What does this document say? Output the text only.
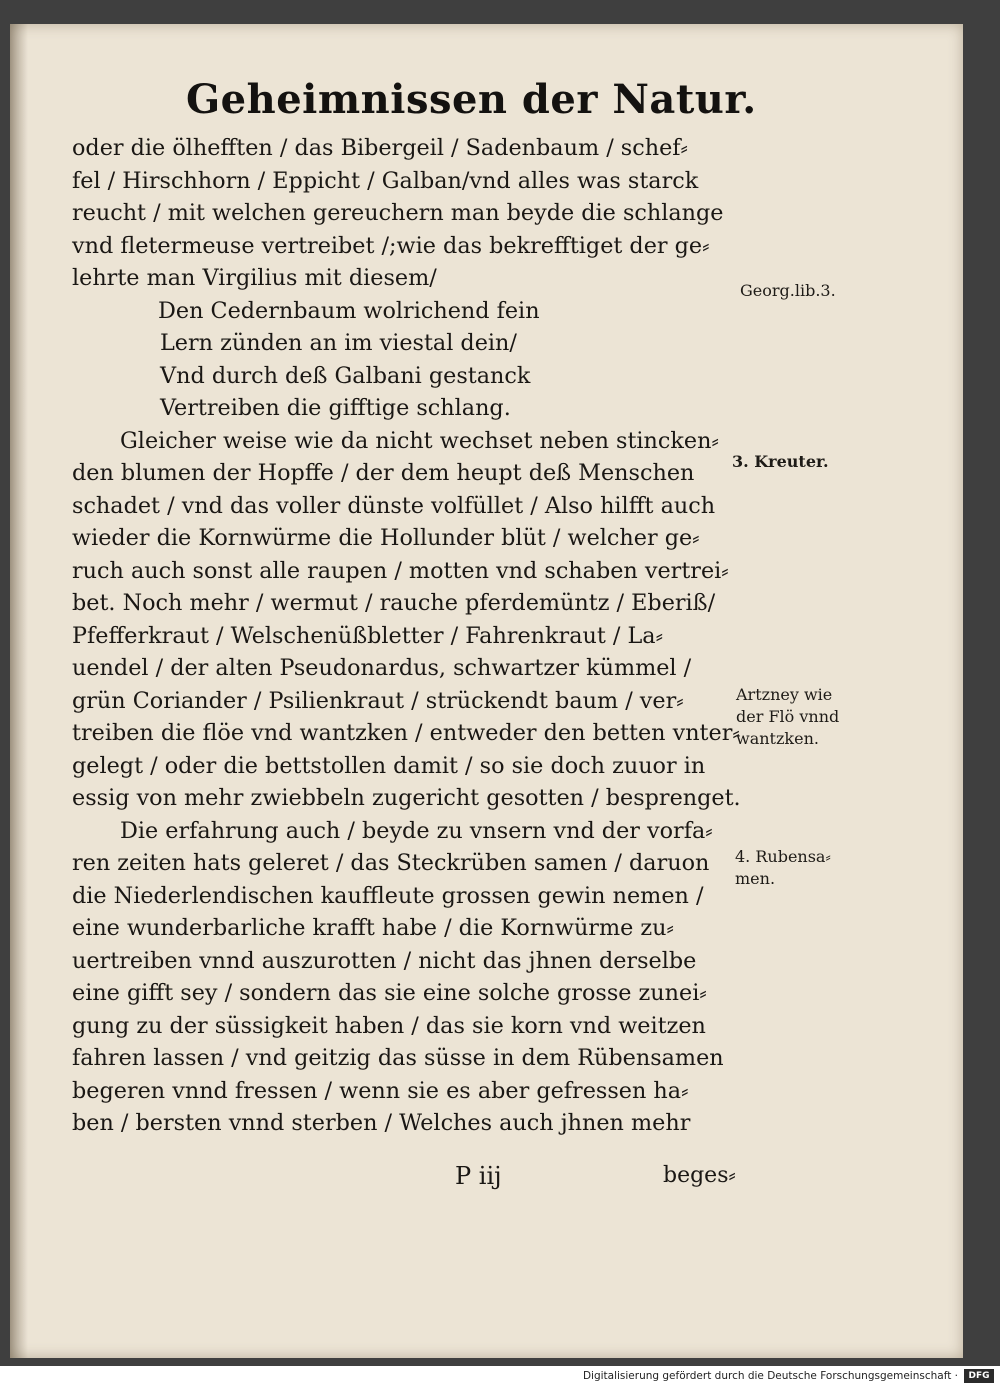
Geheimnissen der Natur.
oder die ölhefften / das Bibergeil / Sadenbaum / schef⸗
fel / Hirschhorn / Eppicht / Galban/vnd alles was starck
reucht / mit welchen gereuchern man beyde die schlange
vnd fletermeuse vertreibet /;wie das bekrefftiget der ge⸗
lehrte man Virgilius mit diesem/
Den Cedernbaum wolrichend fein
Lern zünden an im viestal dein/
Vnd durch deß Galbani gestanck
Vertreiben die gifftige schlang.
Gleicher weise wie da nicht wechset neben stincken⸗
den blumen der Hopffe / der dem heupt deß Menschen
schadet / vnd das voller dünste volfüllet / Also hilfft auch
wieder die Kornwürme die Hollunder blüt / welcher ge⸗
ruch auch sonst alle raupen / motten vnd schaben vertrei⸗
bet. Noch mehr / wermut / rauche pferdemüntz / Eberiß/
Pfefferkraut / Welschenüßbletter / Fahrenkraut / La⸗
uendel / der alten Pseudonardus, schwartzer kümmel /
grün Coriander / Psilienkraut / strückendt baum / ver⸗
treiben die flöe vnd wantzken / entweder den betten vnter⸗
gelegt / oder die bettstollen damit / so sie doch zuuor in
essig von mehr zwiebbeln zugericht gesotten / besprenget.
Die erfahrung auch / beyde zu vnsern vnd der vorfa⸗
ren zeiten hats geleret / das Steckrüben samen / daruon
die Niederlendischen kauffleute grossen gewin nemen /
eine wunderbarliche krafft habe / die Kornwürme zu⸗
uertreiben vnnd auszurotten / nicht das jhnen derselbe
eine gifft sey / sondern das sie eine solche grosse zunei⸗
gung zu der süssigkeit haben / das sie korn vnd weitzen
fahren lassen / vnd geitzig das süsse in dem Rübensamen
begeren vnnd fressen / wenn sie es aber gefressen ha⸗
ben / bersten vnnd sterben / Welches auch jhnen mehr
Georg.lib.3.
3. Kreuter.
Artzney wie
der Flö vnnd
wantzken.
4. Rubensa⸗
men.
P iij	beges⸗
Digitalisierung gefördert durch die Deutsche Forschungsgemeinschaft ·	DFG
